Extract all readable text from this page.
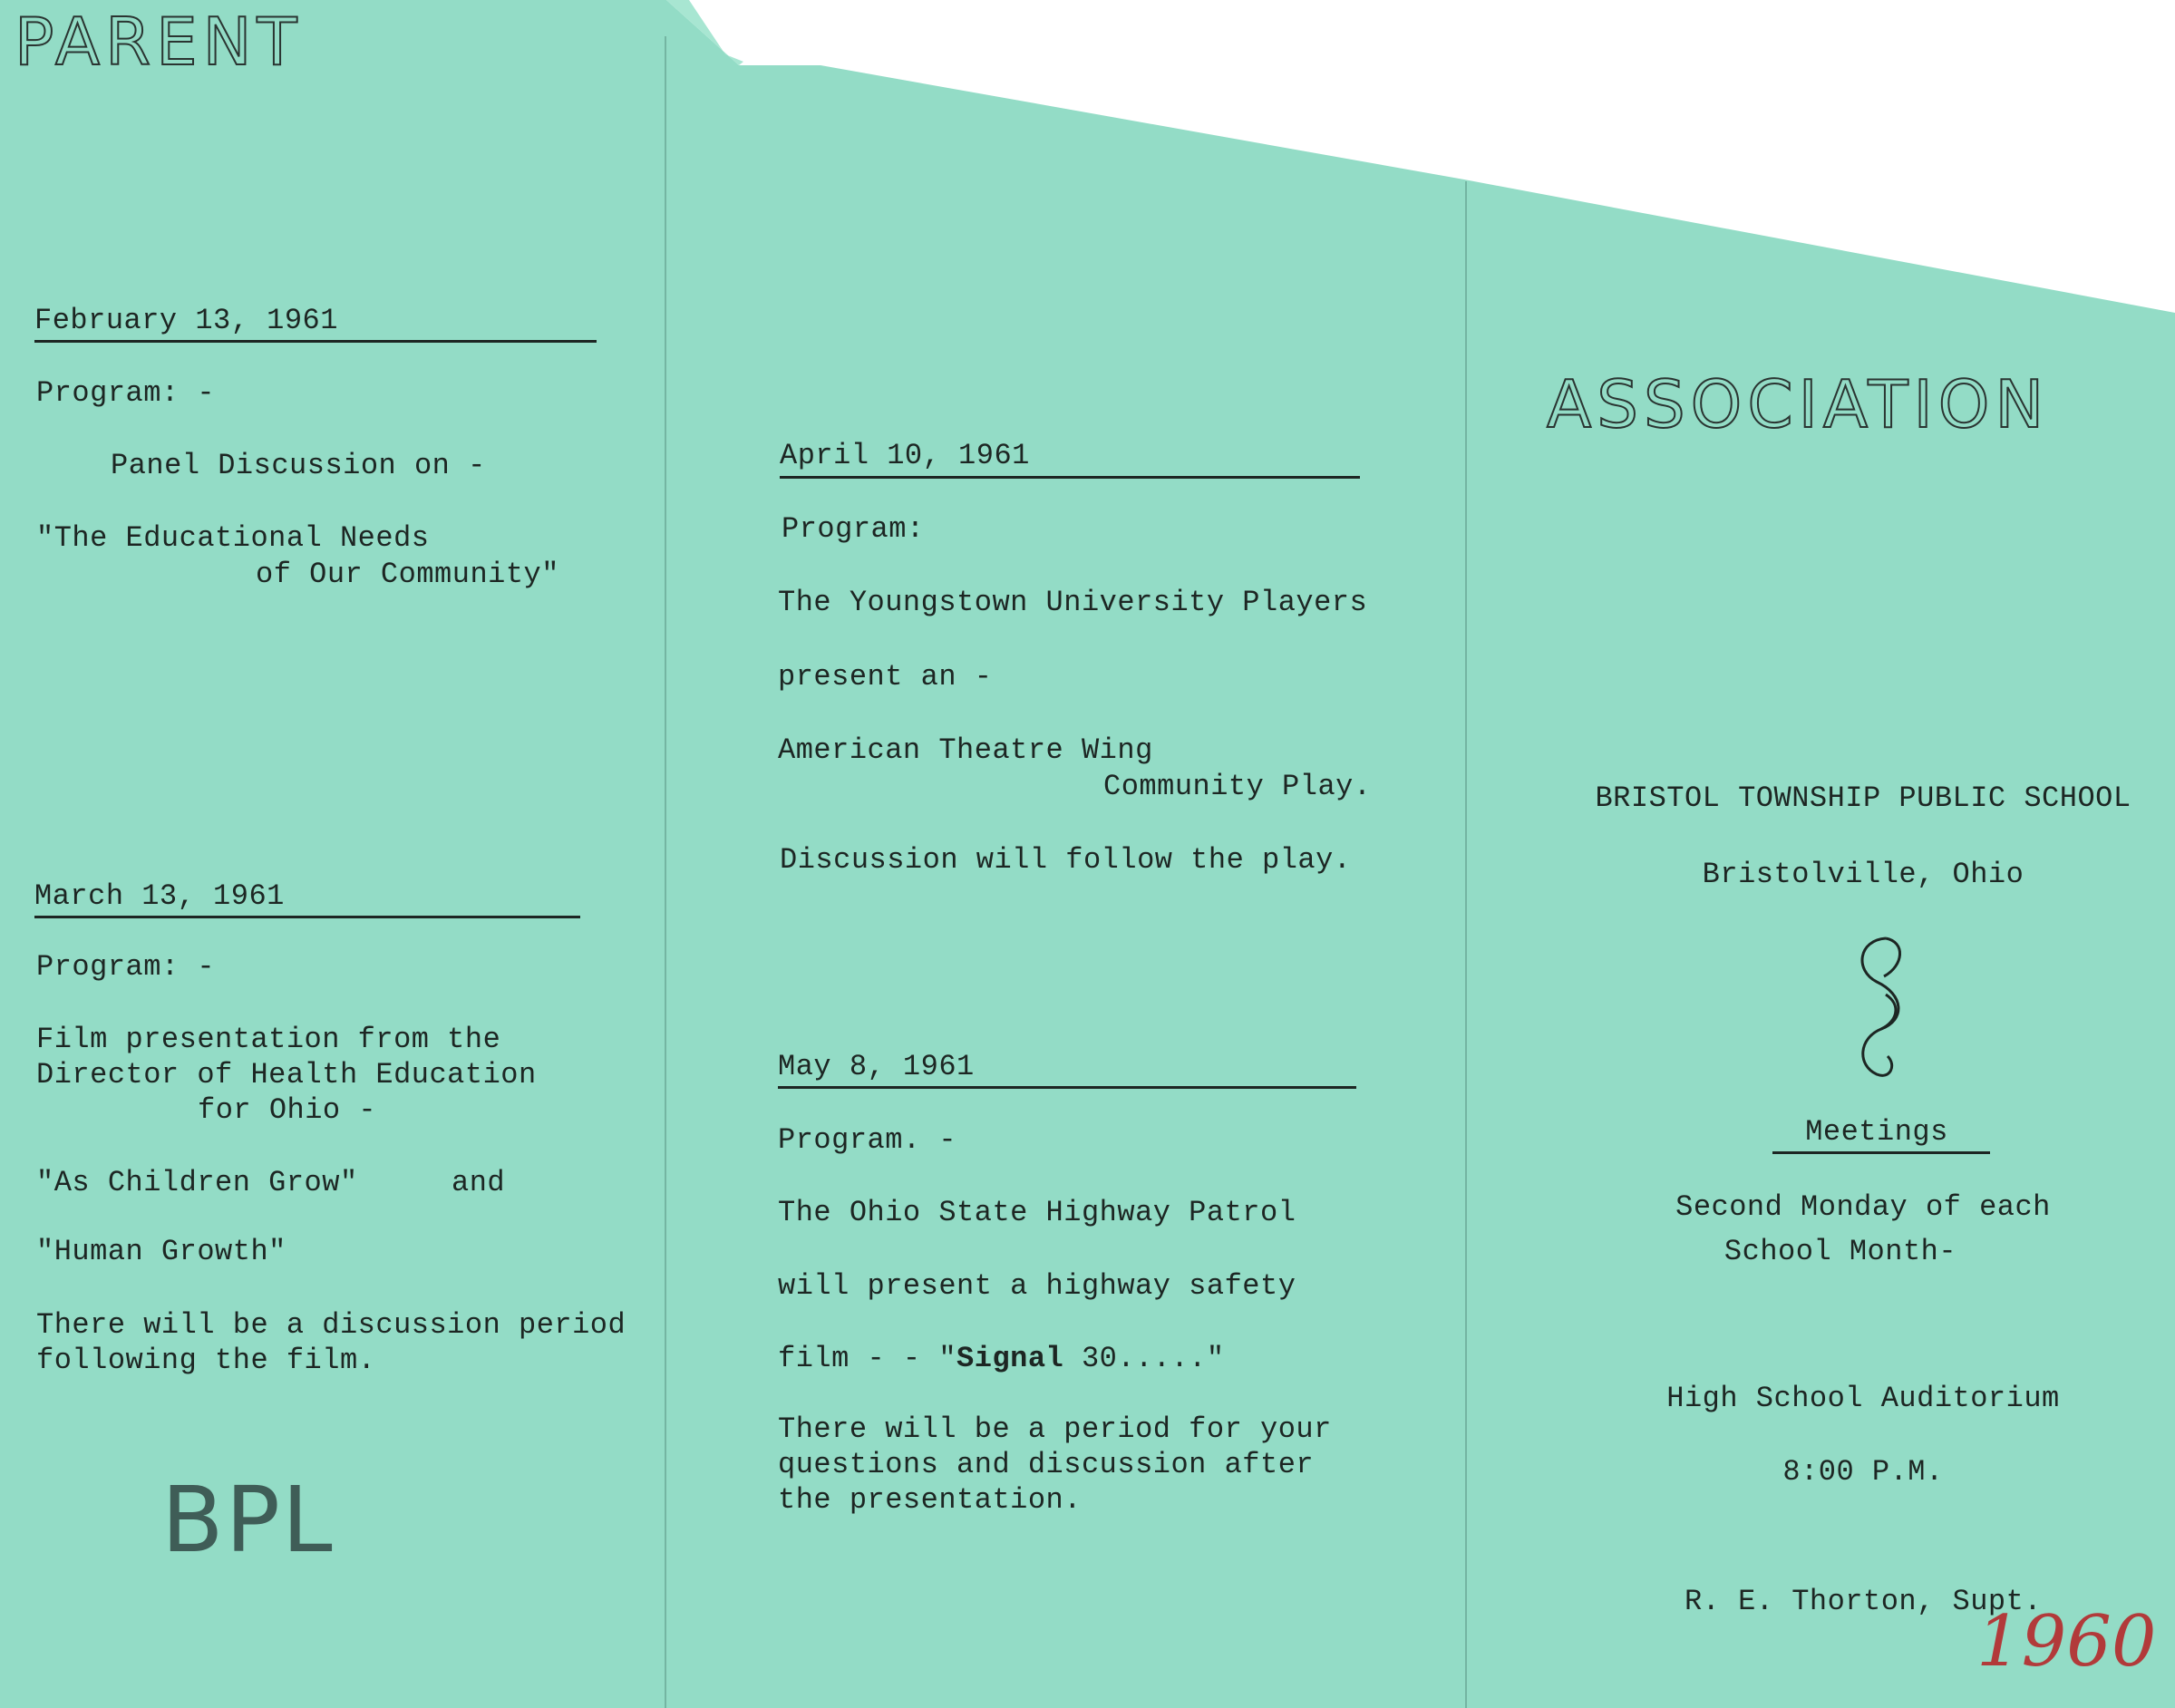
PARENT
February 13, 1961
Program: -
Panel Discussion on -
"The Educational Needs
of Our Community"
March 13, 1961
Program: -
Film presentation from the
Director of Health Education
for Ohio -
"As Children Grow"	and
"Human Growth"
There will be a discussion period
following the film.
BPL
April 10, 1961
Program:
The Youngstown University Players
present an -
American Theatre Wing
Community Play.
Discussion will follow the play.
May 8, 1961
Program. -
The Ohio State Highway Patrol
will present a highway safety
film - - "Signal 30....."
There will be a period for your
questions and discussion after
the presentation.
ASSOCIATION
BRISTOL TOWNSHIP PUBLIC SCHOOL
Bristolville, Ohio
Meetings
Second Monday of each
School Month-
High School Auditorium
8:00 P.M.
R. E. Thorton, Supt.
1960
